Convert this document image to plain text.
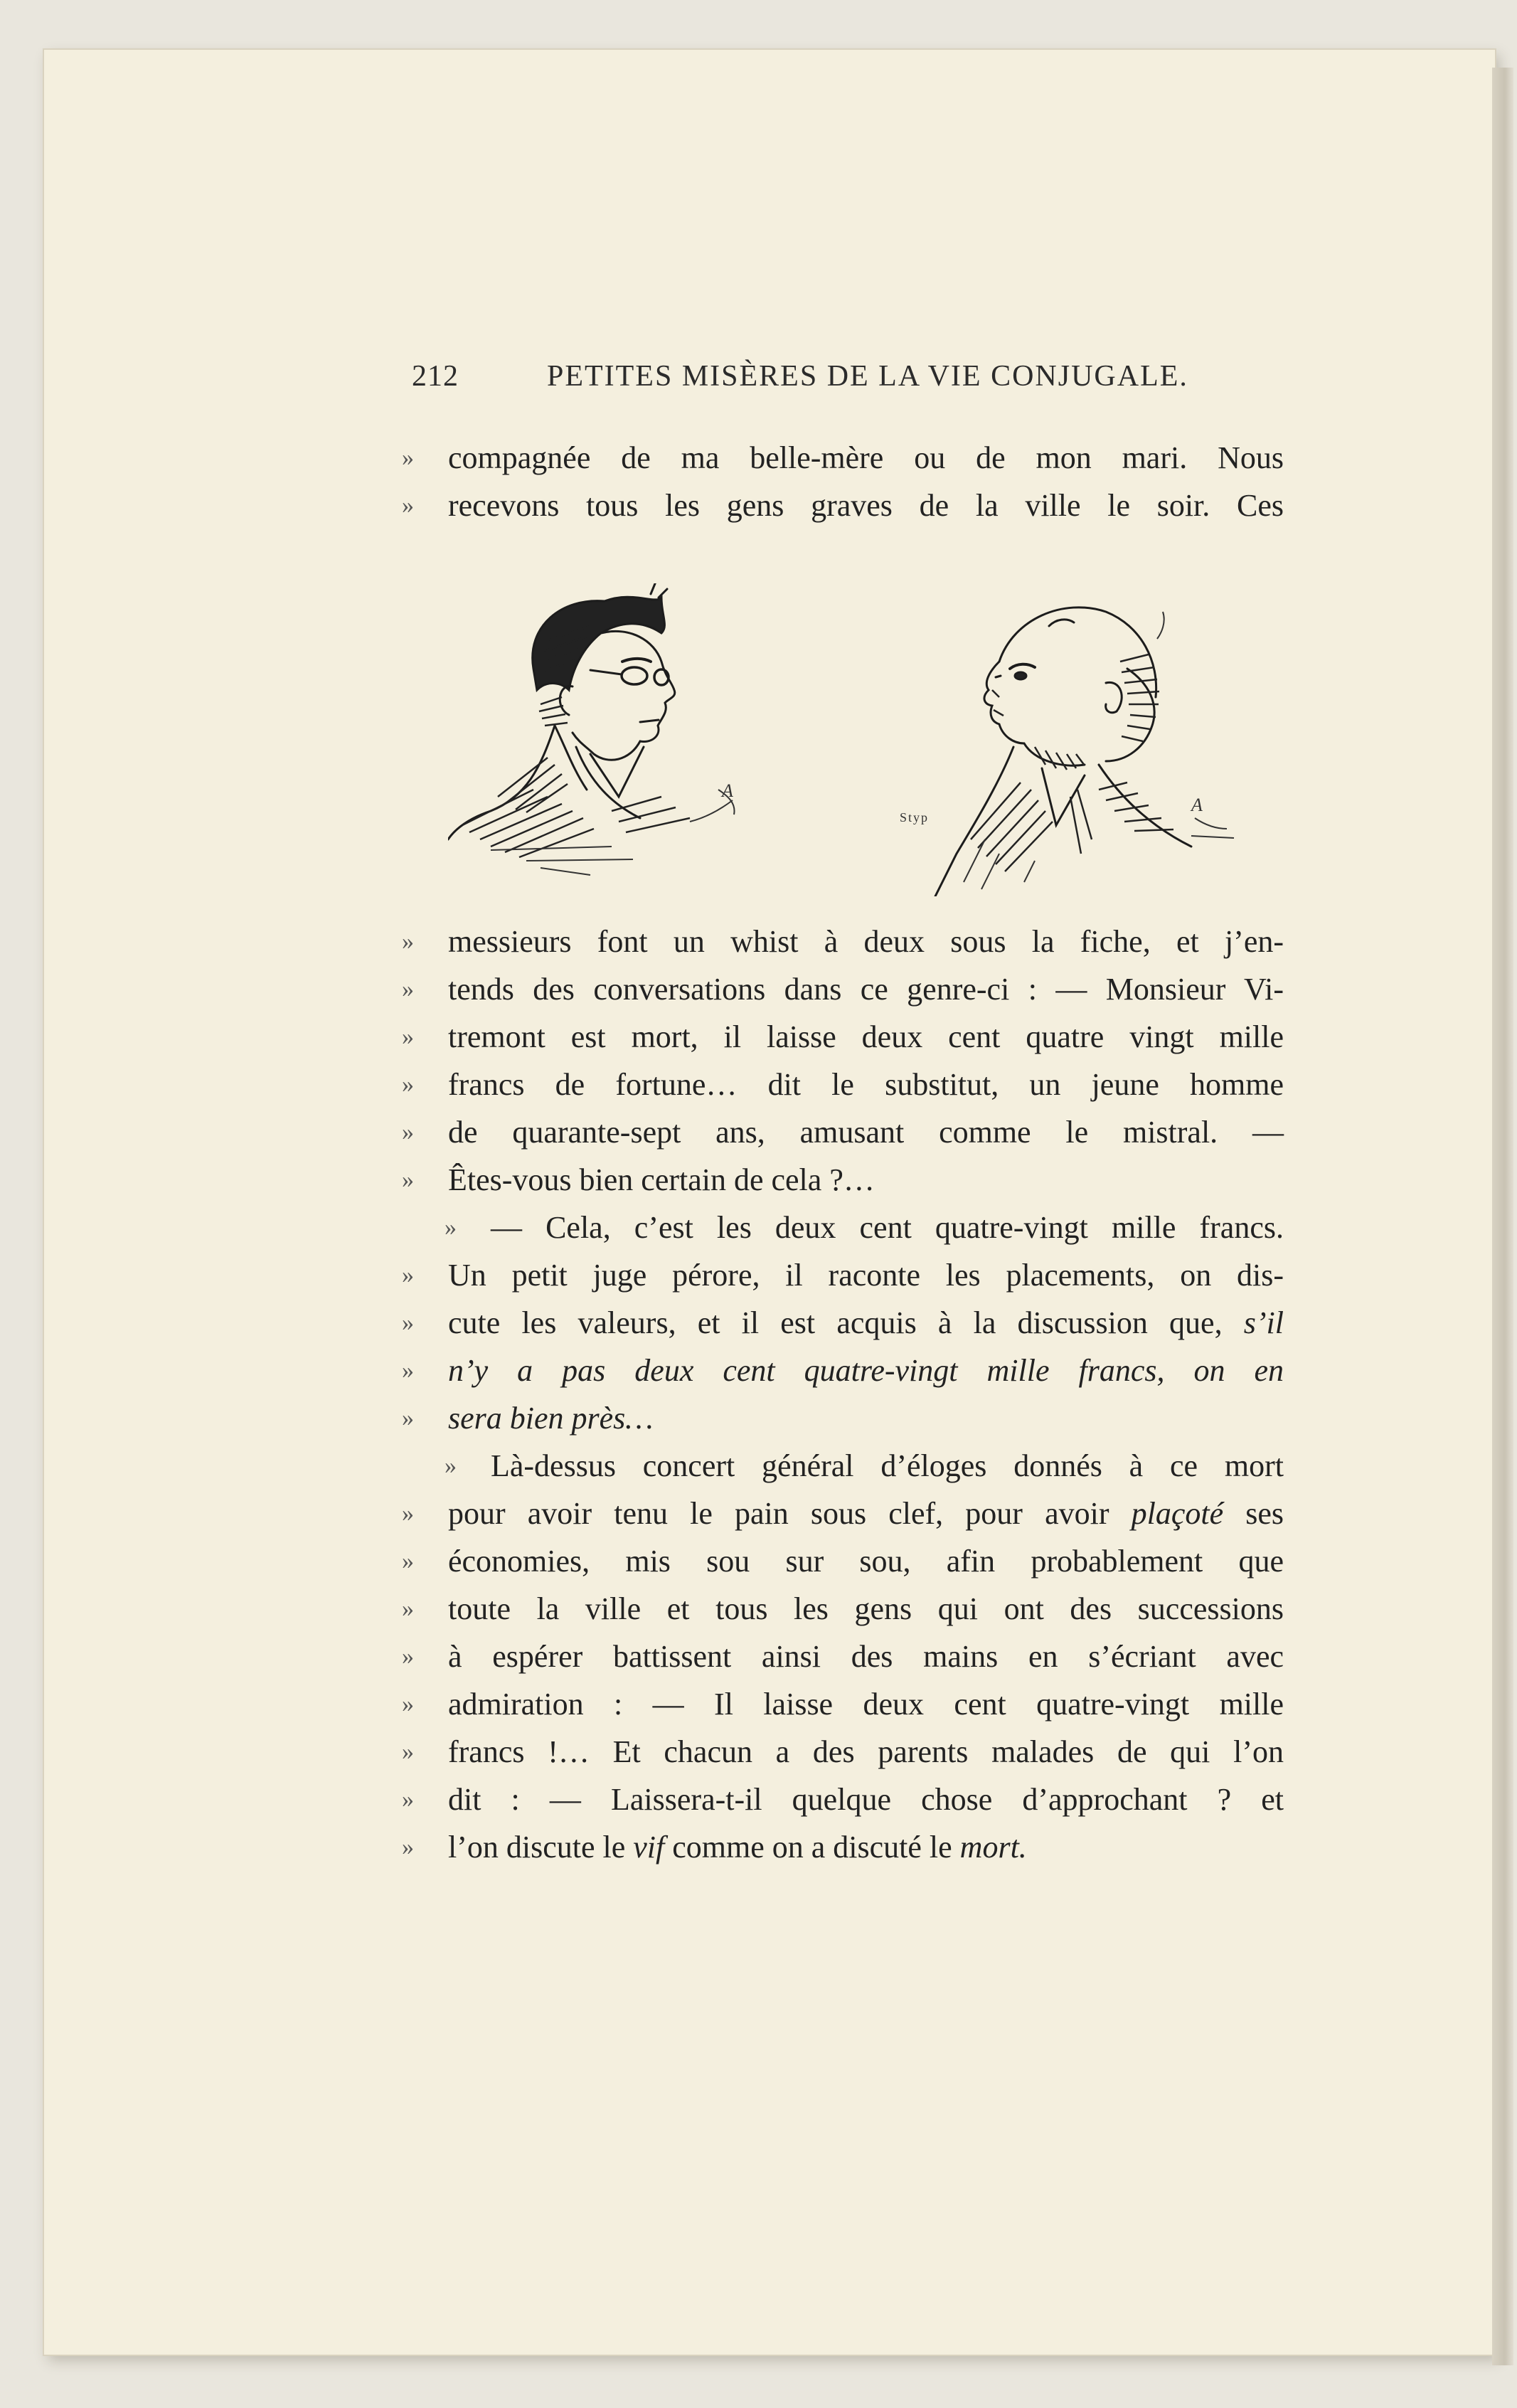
212	PETITES MISÈRES DE LA VIE CONJUGALE.
»	compagnée de ma belle-mère ou de mon mari. Nous
»	recevons tous les gens graves de la ville le soir. Ces
A
Styp
A
»	messieurs font un whist à deux sous la fiche, et j’en-
»	tends des conversations dans ce genre-ci : — Monsieur Vi-
»	tremont est mort, il laisse deux cent quatre vingt mille
»	francs de fortune… dit le substitut, un jeune homme
»	de quarante-sept ans, amusant comme le mistral. —
»	Êtes-vous bien certain de cela ?…
»	— Cela, c’est les deux cent quatre-vingt mille francs.
»	Un petit juge pérore, il raconte les placements, on dis-
»	cute les valeurs, et il est acquis à la discussion que, s’il
»	n’y a pas deux cent quatre-vingt mille francs, on en
»	sera bien près…
»	Là-dessus concert général d’éloges donnés à ce mort
»	pour avoir tenu le pain sous clef, pour avoir plaçoté ses
»	économies, mis sou sur sou, afin probablement que
»	toute la ville et tous les gens qui ont des successions
»	à espérer battissent ainsi des mains en s’écriant avec
»	admiration : — Il laisse deux cent quatre-vingt mille
»	francs !… Et chacun a des parents malades de qui l’on
»	dit : — Laissera-t-il quelque chose d’approchant ? et
»	l’on discute le vif comme on a discuté le mort.
